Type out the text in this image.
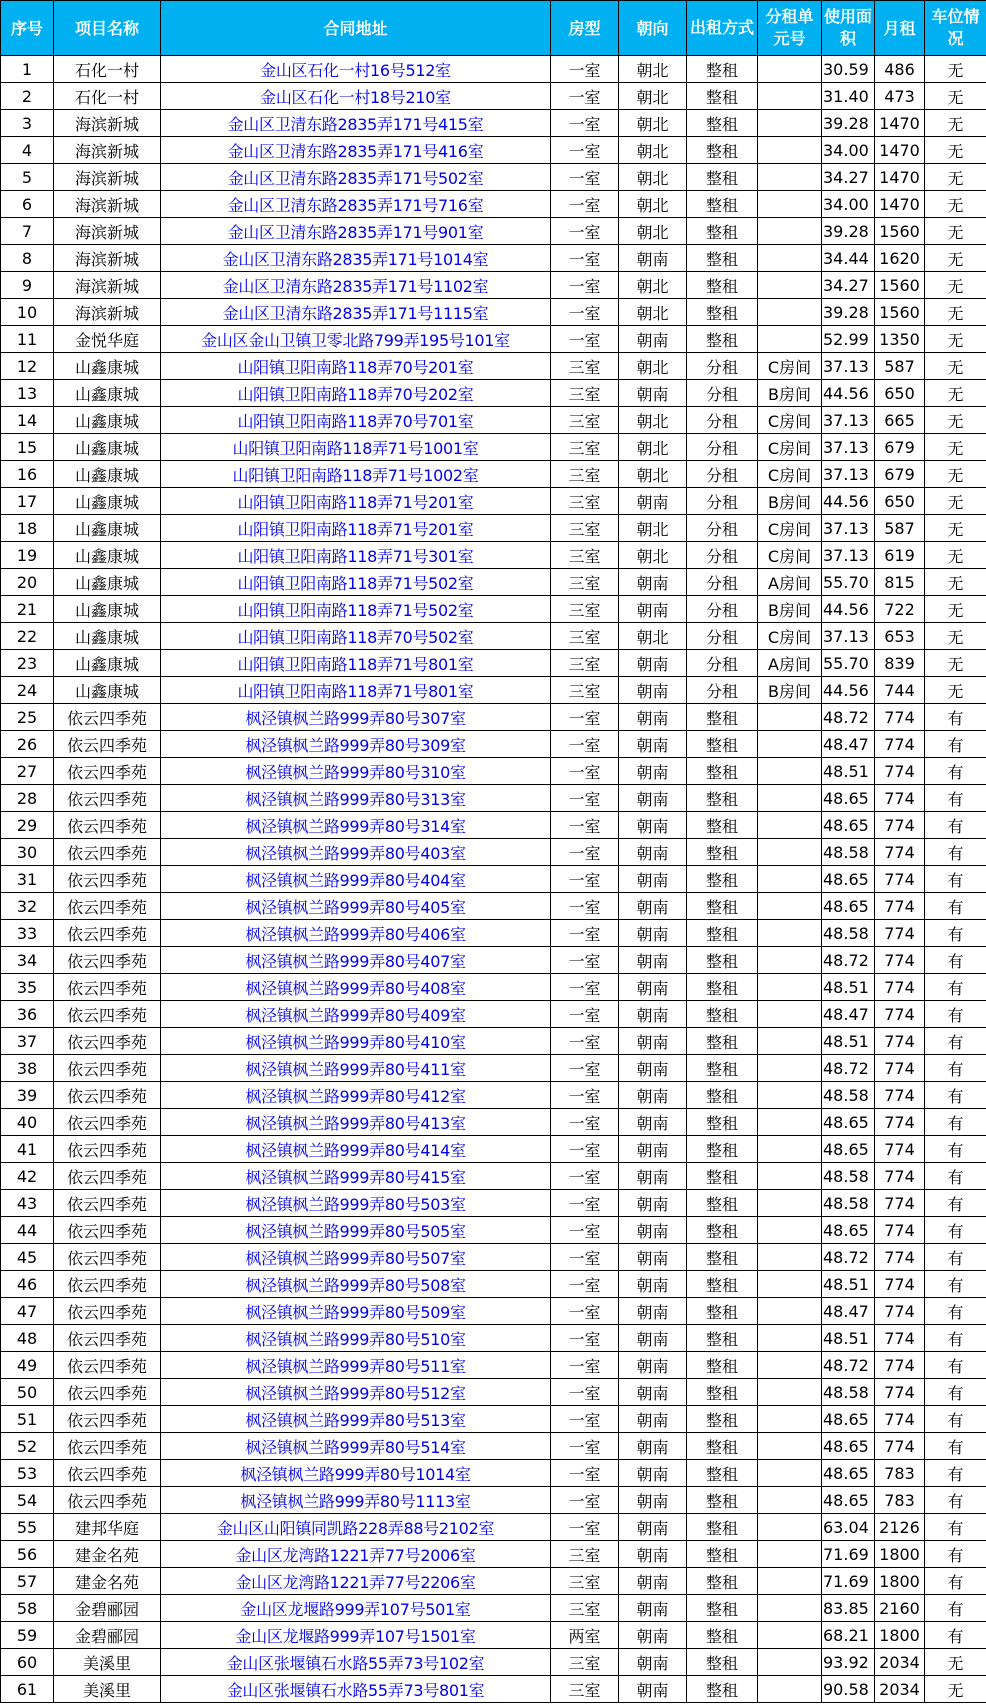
序号	项目名称	合同地址	房型	朝向	出租方式	分租单元号	使用面积	月租	车位情况
1	石化一村	金山区石化一村16号512室	一室	朝北	整租		30.59	486	无
2	石化一村	金山区石化一村18号210室	一室	朝北	整租		31.40	473	无
3	海滨新城	金山区卫清东路2835弄171号415室	一室	朝北	整租		39.28	1470	无
4	海滨新城	金山区卫清东路2835弄171号416室	一室	朝北	整租		34.00	1470	无
5	海滨新城	金山区卫清东路2835弄171号502室	一室	朝北	整租		34.27	1470	无
6	海滨新城	金山区卫清东路2835弄171号716室	一室	朝北	整租		34.00	1470	无
7	海滨新城	金山区卫清东路2835弄171号901室	一室	朝北	整租		39.28	1560	无
8	海滨新城	金山区卫清东路2835弄171号1014室	一室	朝南	整租		34.44	1620	无
9	海滨新城	金山区卫清东路2835弄171号1102室	一室	朝北	整租		34.27	1560	无
10	海滨新城	金山区卫清东路2835弄171号1115室	一室	朝北	整租		39.28	1560	无
11	金悦华庭	金山区金山卫镇卫零北路799弄195号101室	一室	朝南	整租		52.99	1350	无
12	山鑫康城	山阳镇卫阳南路118弄70号201室	三室	朝北	分租	C房间	37.13	587	无
13	山鑫康城	山阳镇卫阳南路118弄70号202室	三室	朝南	分租	B房间	44.56	650	无
14	山鑫康城	山阳镇卫阳南路118弄70号701室	三室	朝北	分租	C房间	37.13	665	无
15	山鑫康城	山阳镇卫阳南路118弄71号1001室	三室	朝北	分租	C房间	37.13	679	无
16	山鑫康城	山阳镇卫阳南路118弄71号1002室	三室	朝北	分租	C房间	37.13	679	无
17	山鑫康城	山阳镇卫阳南路118弄71号201室	三室	朝南	分租	B房间	44.56	650	无
18	山鑫康城	山阳镇卫阳南路118弄71号201室	三室	朝北	分租	C房间	37.13	587	无
19	山鑫康城	山阳镇卫阳南路118弄71号301室	三室	朝北	分租	C房间	37.13	619	无
20	山鑫康城	山阳镇卫阳南路118弄71号502室	三室	朝南	分租	A房间	55.70	815	无
21	山鑫康城	山阳镇卫阳南路118弄71号502室	三室	朝南	分租	B房间	44.56	722	无
22	山鑫康城	山阳镇卫阳南路118弄70号502室	三室	朝北	分租	C房间	37.13	653	无
23	山鑫康城	山阳镇卫阳南路118弄71号801室	三室	朝南	分租	A房间	55.70	839	无
24	山鑫康城	山阳镇卫阳南路118弄71号801室	三室	朝南	分租	B房间	44.56	744	无
25	依云四季苑	枫泾镇枫兰路999弄80号307室	一室	朝南	整租		48.72	774	有
26	依云四季苑	枫泾镇枫兰路999弄80号309室	一室	朝南	整租		48.47	774	有
27	依云四季苑	枫泾镇枫兰路999弄80号310室	一室	朝南	整租		48.51	774	有
28	依云四季苑	枫泾镇枫兰路999弄80号313室	一室	朝南	整租		48.65	774	有
29	依云四季苑	枫泾镇枫兰路999弄80号314室	一室	朝南	整租		48.65	774	有
30	依云四季苑	枫泾镇枫兰路999弄80号403室	一室	朝南	整租		48.58	774	有
31	依云四季苑	枫泾镇枫兰路999弄80号404室	一室	朝南	整租		48.65	774	有
32	依云四季苑	枫泾镇枫兰路999弄80号405室	一室	朝南	整租		48.65	774	有
33	依云四季苑	枫泾镇枫兰路999弄80号406室	一室	朝南	整租		48.58	774	有
34	依云四季苑	枫泾镇枫兰路999弄80号407室	一室	朝南	整租		48.72	774	有
35	依云四季苑	枫泾镇枫兰路999弄80号408室	一室	朝南	整租		48.51	774	有
36	依云四季苑	枫泾镇枫兰路999弄80号409室	一室	朝南	整租		48.47	774	有
37	依云四季苑	枫泾镇枫兰路999弄80号410室	一室	朝南	整租		48.51	774	有
38	依云四季苑	枫泾镇枫兰路999弄80号411室	一室	朝南	整租		48.72	774	有
39	依云四季苑	枫泾镇枫兰路999弄80号412室	一室	朝南	整租		48.58	774	有
40	依云四季苑	枫泾镇枫兰路999弄80号413室	一室	朝南	整租		48.65	774	有
41	依云四季苑	枫泾镇枫兰路999弄80号414室	一室	朝南	整租		48.65	774	有
42	依云四季苑	枫泾镇枫兰路999弄80号415室	一室	朝南	整租		48.58	774	有
43	依云四季苑	枫泾镇枫兰路999弄80号503室	一室	朝南	整租		48.58	774	有
44	依云四季苑	枫泾镇枫兰路999弄80号505室	一室	朝南	整租		48.65	774	有
45	依云四季苑	枫泾镇枫兰路999弄80号507室	一室	朝南	整租		48.72	774	有
46	依云四季苑	枫泾镇枫兰路999弄80号508室	一室	朝南	整租		48.51	774	有
47	依云四季苑	枫泾镇枫兰路999弄80号509室	一室	朝南	整租		48.47	774	有
48	依云四季苑	枫泾镇枫兰路999弄80号510室	一室	朝南	整租		48.51	774	有
49	依云四季苑	枫泾镇枫兰路999弄80号511室	一室	朝南	整租		48.72	774	有
50	依云四季苑	枫泾镇枫兰路999弄80号512室	一室	朝南	整租		48.58	774	有
51	依云四季苑	枫泾镇枫兰路999弄80号513室	一室	朝南	整租		48.65	774	有
52	依云四季苑	枫泾镇枫兰路999弄80号514室	一室	朝南	整租		48.65	774	有
53	依云四季苑	枫泾镇枫兰路999弄80号1014室	一室	朝南	整租		48.65	783	有
54	依云四季苑	枫泾镇枫兰路999弄80号1113室	一室	朝南	整租		48.65	783	有
55	建邦华庭	金山区山阳镇同凯路228弄88号2102室	一室	朝南	整租		63.04	2126	有
56	建金名苑	金山区龙湾路1221弄77号2006室	三室	朝南	整租		71.69	1800	有
57	建金名苑	金山区龙湾路1221弄77号2206室	三室	朝南	整租		71.69	1800	有
58	金碧郦园	金山区龙堰路999弄107号501室	三室	朝南	整租		83.85	2160	有
59	金碧郦园	金山区龙堰路999弄107号1501室	两室	朝南	整租		68.21	1800	有
60	美溪里	金山区张堰镇石水路55弄73号102室	三室	朝南	整租		93.92	2034	无
61	美溪里	金山区张堰镇石水路55弄73号801室	三室	朝南	整租		90.58	2034	无
